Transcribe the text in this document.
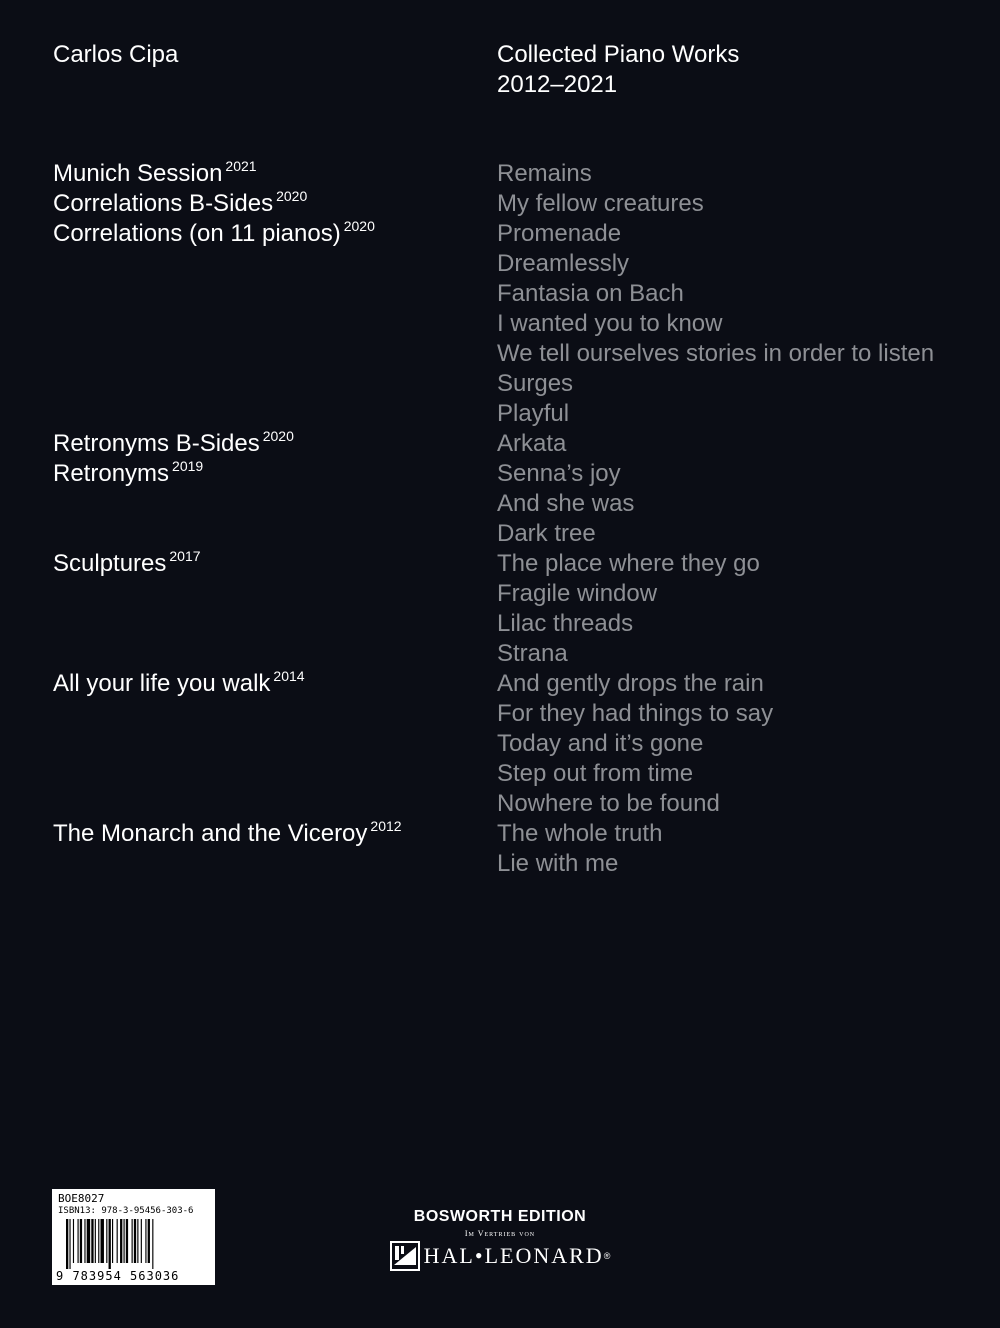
Carlos Cipa	Collected Piano Works
2012–2021
Munich Session $^{2021}$
Correlations B-Sides $^{2020}$
Correlations (on 11 pianos) $^{2020}$
Retronyms B-Sides $^{2020}$
Retronyms $^{2019}$
Sculptures $^{2017}$
All your life you walk $^{2014}$
The Monarch and the Viceroy $^{2012}$
Remains
My fellow creatures
Promenade
Dreamlessly
Fantasia on Bach
I wanted you to know
We tell ourselves stories in order to listen
Surges
Playful
Arkata
Senna’s joy
And she was
Dark tree
The place where they go
Fragile window
Lilac threads
Strana
And gently drops the rain
For they had things to say
Today and it’s gone
Step out from time
Nowhere to be found
The whole truth
Lie with me
BOE8027
ISBN13: 978-3-95456-303-6
9 783954 563036
BOSWORTH EDITION
Im Vertrieb von
HAL•LEONARD ®
